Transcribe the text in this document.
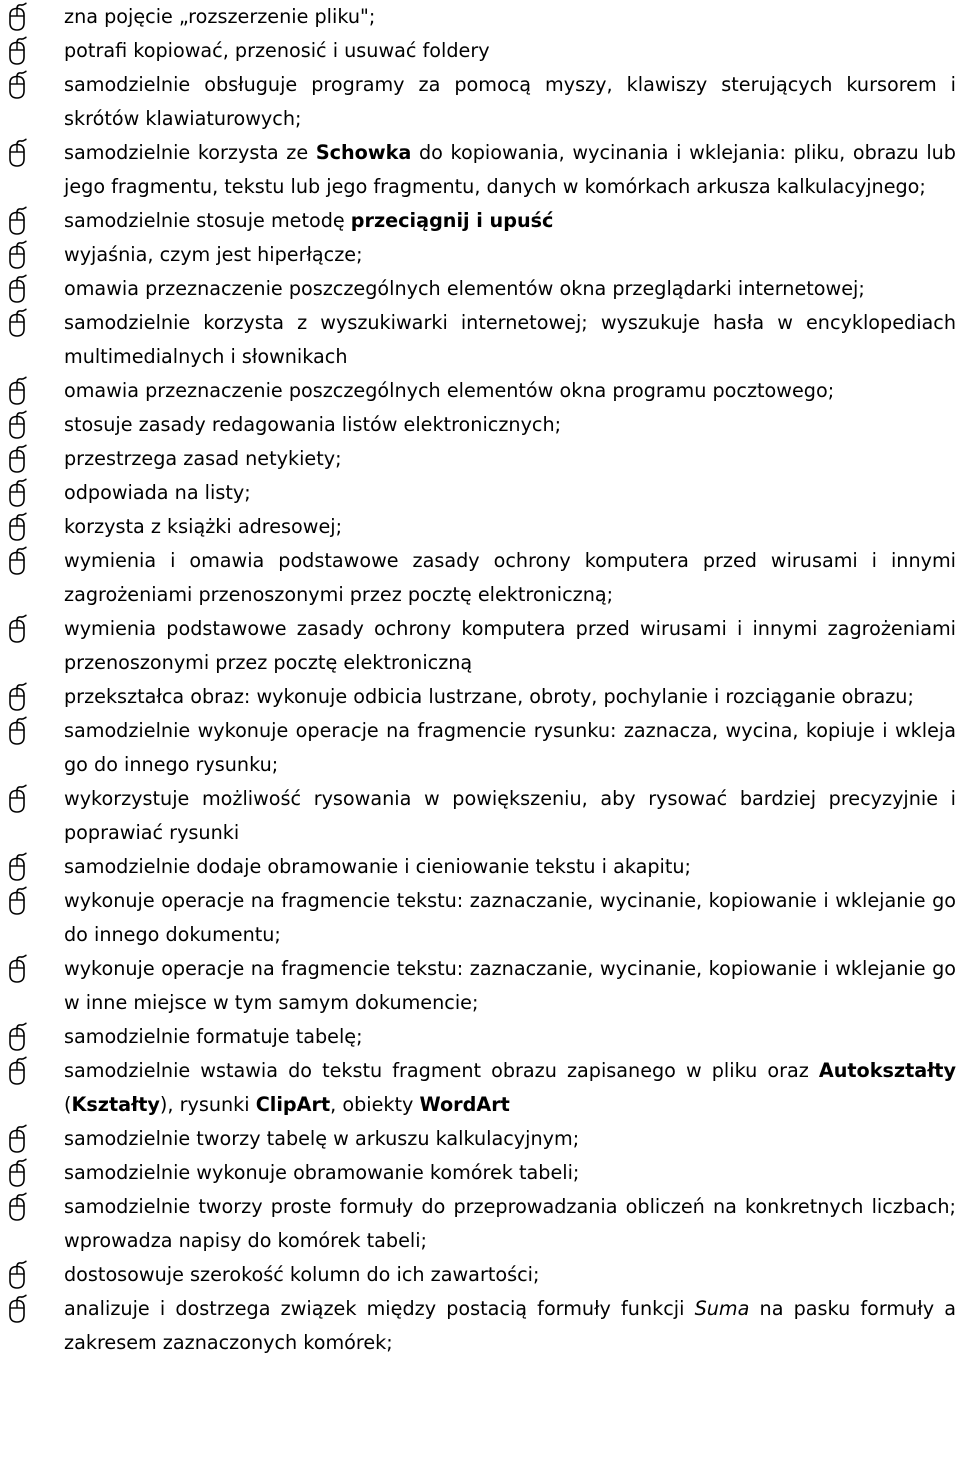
zna pojęcie „rozszerzenie pliku";
potrafi kopiować, przenosić i usuwać foldery
samodzielnie obsługuje programy za pomocą myszy, klawiszy sterujących kursorem i skrótów klawiaturowych;
samodzielnie korzysta ze Schowka do kopiowania, wycinania i wklejania: pliku, obrazu lub jego fragmentu, tekstu lub jego fragmentu, danych w komórkach arkusza kalkulacyjnego;
samodzielnie stosuje metodę przeciągnij i upuść
wyjaśnia, czym jest hiperłącze;
omawia przeznaczenie poszczególnych elementów okna przeglądarki internetowej;
samodzielnie korzysta z wyszukiwarki internetowej; wyszukuje hasła w encyklopediach multimedialnych i słownikach
omawia przeznaczenie poszczególnych elementów okna programu pocztowego;
stosuje zasady redagowania listów elektronicznych;
przestrzega zasad netykiety;
odpowiada na listy;
korzysta z książki adresowej;
wymienia i omawia podstawowe zasady ochrony komputera przed wirusami i innymi zagrożeniami przenoszonymi przez pocztę elektroniczną;
wymienia podstawowe zasady ochrony komputera przed wirusami i innymi zagrożeniami przenoszonymi przez pocztę elektroniczną
przekształca obraz: wykonuje odbicia lustrzane, obroty, pochylanie i rozciąganie obrazu;
samodzielnie wykonuje operacje na fragmencie rysunku: zaznacza, wycina, kopiuje i wkleja go do innego rysunku;
wykorzystuje możliwość rysowania w powiększeniu, aby rysować bardziej precyzyjnie i poprawiać rysunki
samodzielnie dodaje obramowanie i cieniowanie tekstu i akapitu;
wykonuje operacje na fragmencie tekstu: zaznaczanie, wycinanie, kopiowanie i wklejanie go do innego dokumentu;
wykonuje operacje na fragmencie tekstu: zaznaczanie, wycinanie, kopiowanie i wklejanie go w inne miejsce w tym samym dokumencie;
samodzielnie formatuje tabelę;
samodzielnie wstawia do tekstu fragment obrazu zapisanego w pliku oraz Autokształty (Kształty), rysunki ClipArt, obiekty WordArt
samodzielnie tworzy tabelę w arkuszu kalkulacyjnym;
samodzielnie wykonuje obramowanie komórek tabeli;
samodzielnie tworzy proste formuły do przeprowadzania obliczeń na konkretnych liczbach; wprowadza napisy do komórek tabeli;
dostosowuje szerokość kolumn do ich zawartości;
analizuje i dostrzega związek między postacią formuły funkcji Suma na pasku formuły a zakresem zaznaczonych komórek;
